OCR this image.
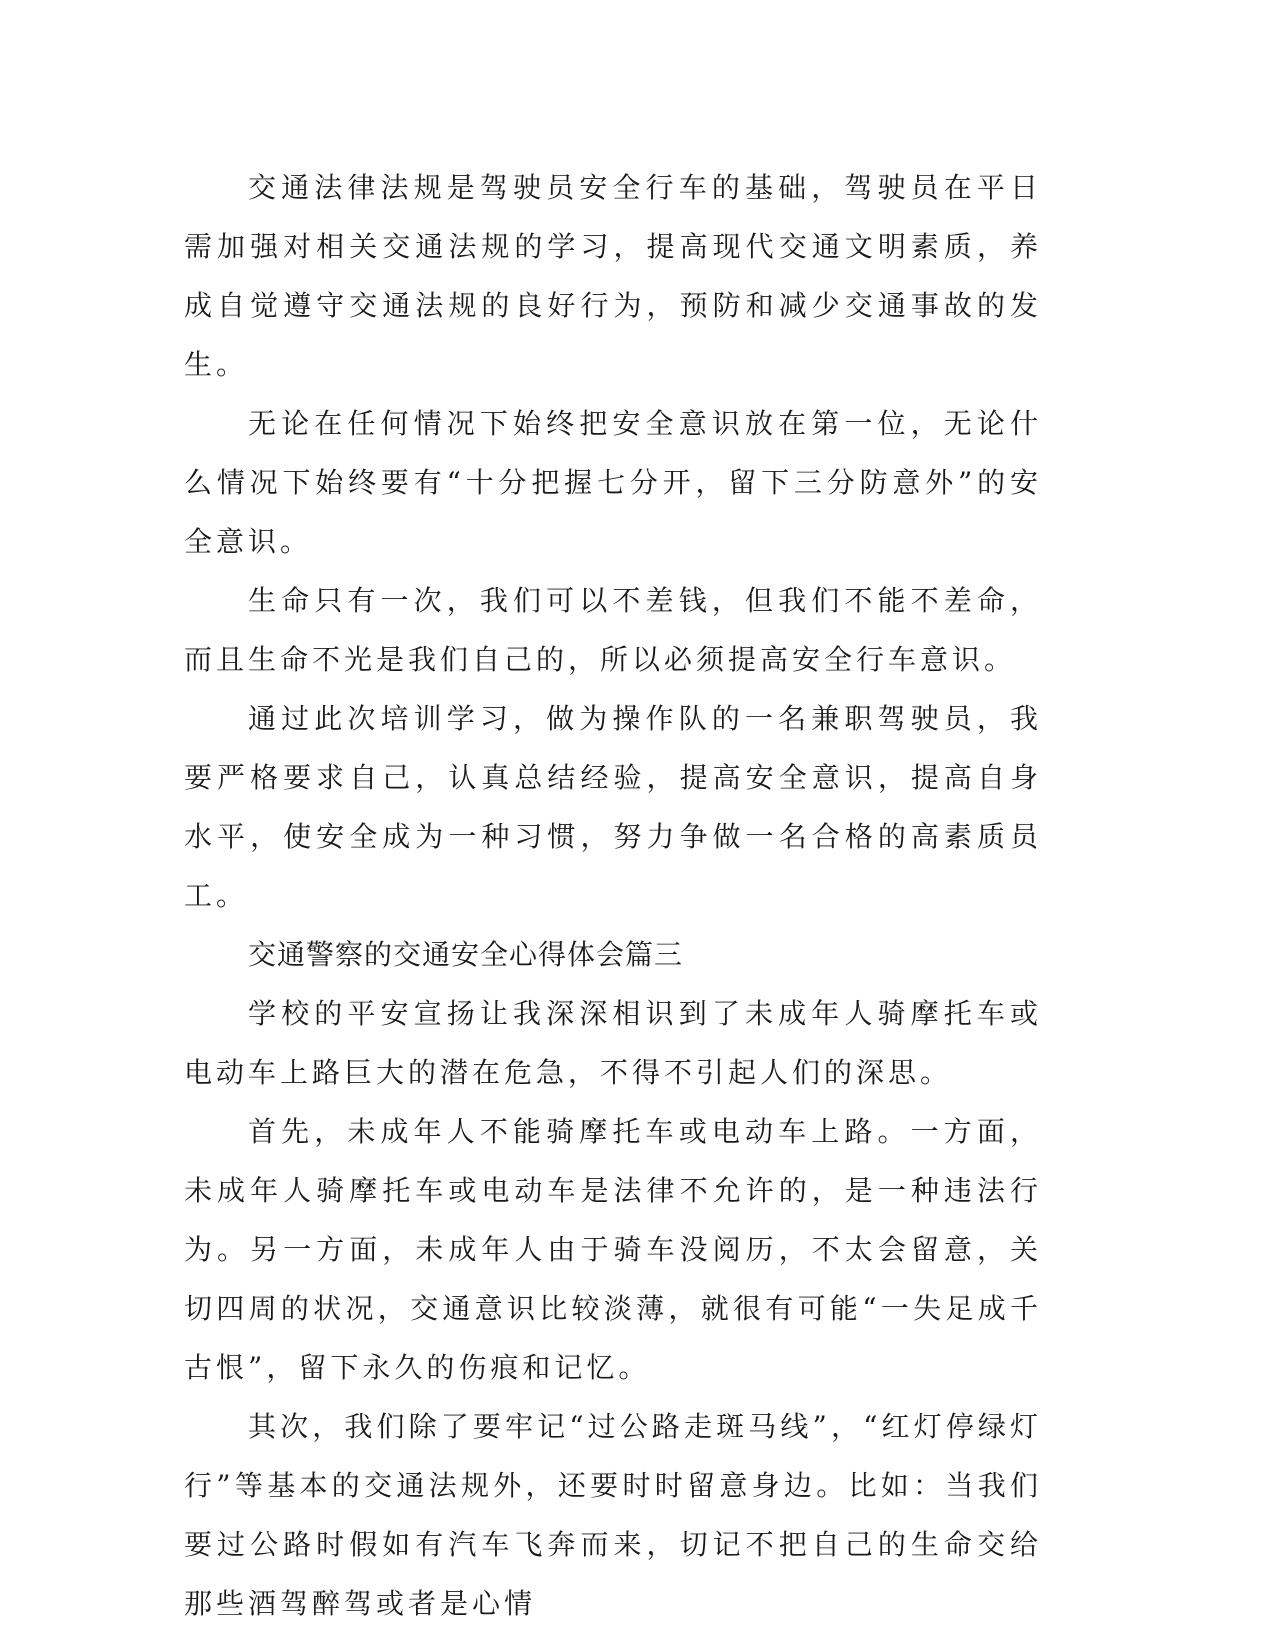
交通法律法规是驾驶员安全行车的基础，驾驶员在平日需加强对相关交通法规的学习，提高现代交通文明素质，养成自觉遵守交通法规的良好行为，预防和减少交通事故的发生。

无论在任何情况下始终把安全意识放在第一位，无论什么情况下始终要有“十分把握七分开，留下三分防意外”的安全意识。

生命只有一次，我们可以不差钱，但我们不能不差命，而且生命不光是我们自己的，所以必须提高安全行车意识。

通过此次培训学习，做为操作队的一名兼职驾驶员，我要严格要求自己，认真总结经验，提高安全意识，提高自身水平，使安全成为一种习惯，努力争做一名合格的高素质员工。

交通警察的交通安全心得体会篇三

学校的平安宣扬让我深深相识到了未成年人骑摩托车或电动车上路巨大的潜在危急，不得不引起人们的深思。

首先，未成年人不能骑摩托车或电动车上路。一方面，未成年人骑摩托车或电动车是法律不允许的，是一种违法行为。另一方面，未成年人由于骑车没阅历，不太会留意，关切四周的状况，交通意识比较淡薄，就很有可能“一失足成千古恨”，留下永久的伤痕和记忆。

其次，我们除了要牢记“过公路走斑马线”，“红灯停绿灯行”等基本的交通法规外，还要时时留意身边。比如：当我们要过公路时假如有汽车飞奔而来，切记不把自己的生命交给那些酒驾醉驾或者是心情
